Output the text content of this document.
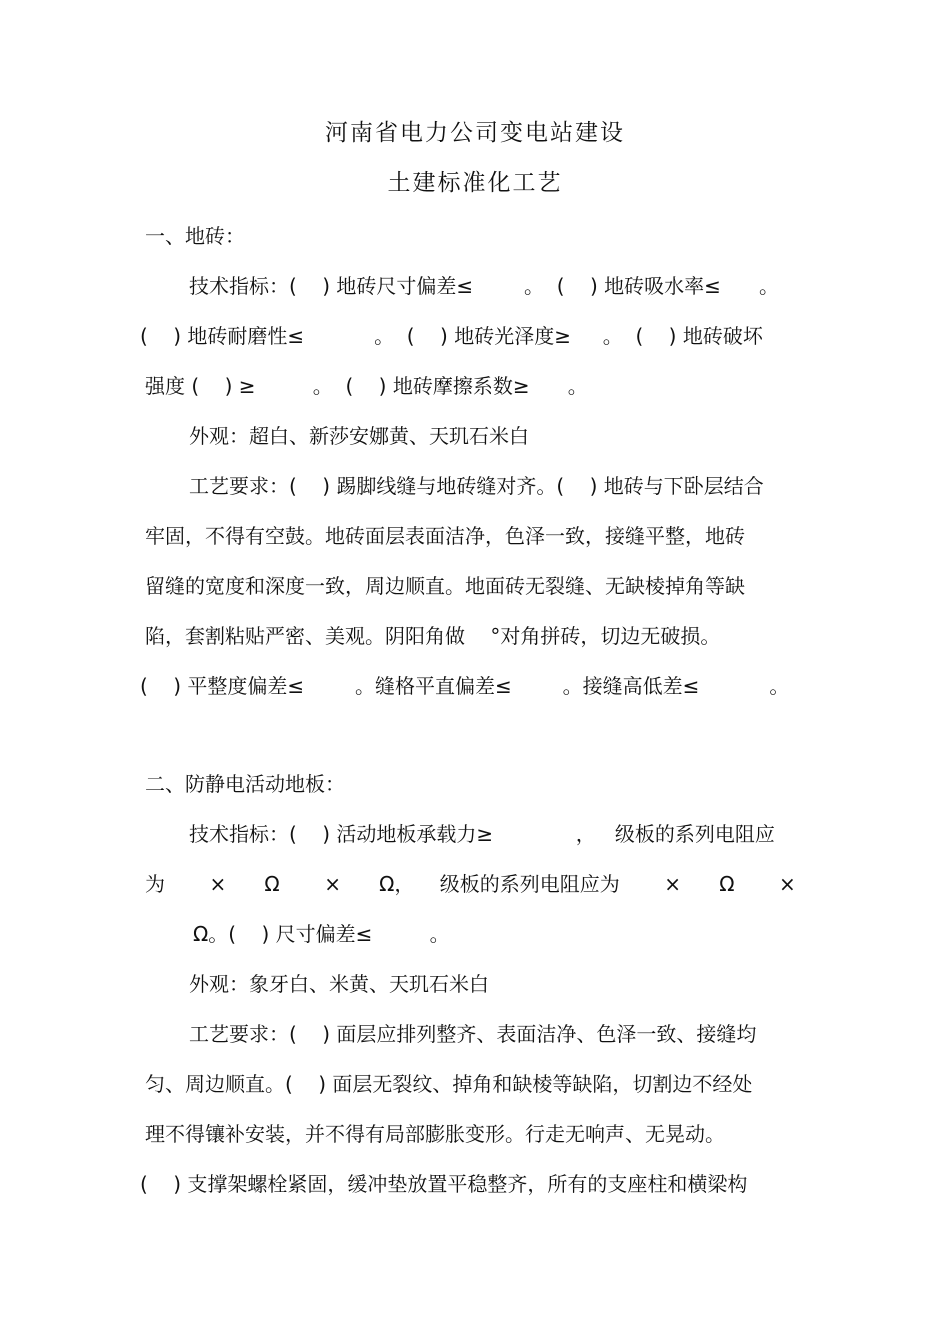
河南省电力公司变电站建设
土建标准化工艺
一、地砖：
技术指标：(    ) 地砖尺寸偏差≤        。  (    ) 地砖吸水率≤      。
(    ) 地砖耐磨性≤           。  (    ) 地砖光泽度≥     。  (    ) 地砖破坏
强度 (    ) ≥         。  (    ) 地砖摩擦系数≥      。
外观：超白、新莎安娜黄、天玑石米白
工艺要求：(    ) 踢脚线缝与地砖缝对齐。(    ) 地砖与下卧层结合
牢固，不得有空鼓。地砖面层表面洁净，色泽一致，接缝平整，地砖
留缝的宽度和深度一致，周边顺直。地面砖无裂缝、无缺棱掉角等缺
陷，套割粘贴严密、美观。阴阳角做    °对角拼砖，切边无破损。
(    ) 平整度偏差≤        。缝格平直偏差≤        。接缝高低差≤           。
二、防静电活动地板：
技术指标：(    ) 活动地板承载力≥             ，   级板的系列电阻应
为       ×      Ω       ×      Ω，    级板的系列电阻应为       ×      Ω       ×
Ω。(    ) 尺寸偏差≤         。
外观：象牙白、米黄、天玑石米白
工艺要求：(    ) 面层应排列整齐、表面洁净、色泽一致、接缝均
匀、周边顺直。(    ) 面层无裂纹、掉角和缺棱等缺陷，切割边不经处
理不得镶补安装，并不得有局部膨胀变形。行走无响声、无晃动。
(    ) 支撑架螺栓紧固，缓冲垫放置平稳整齐，所有的支座柱和横梁构
